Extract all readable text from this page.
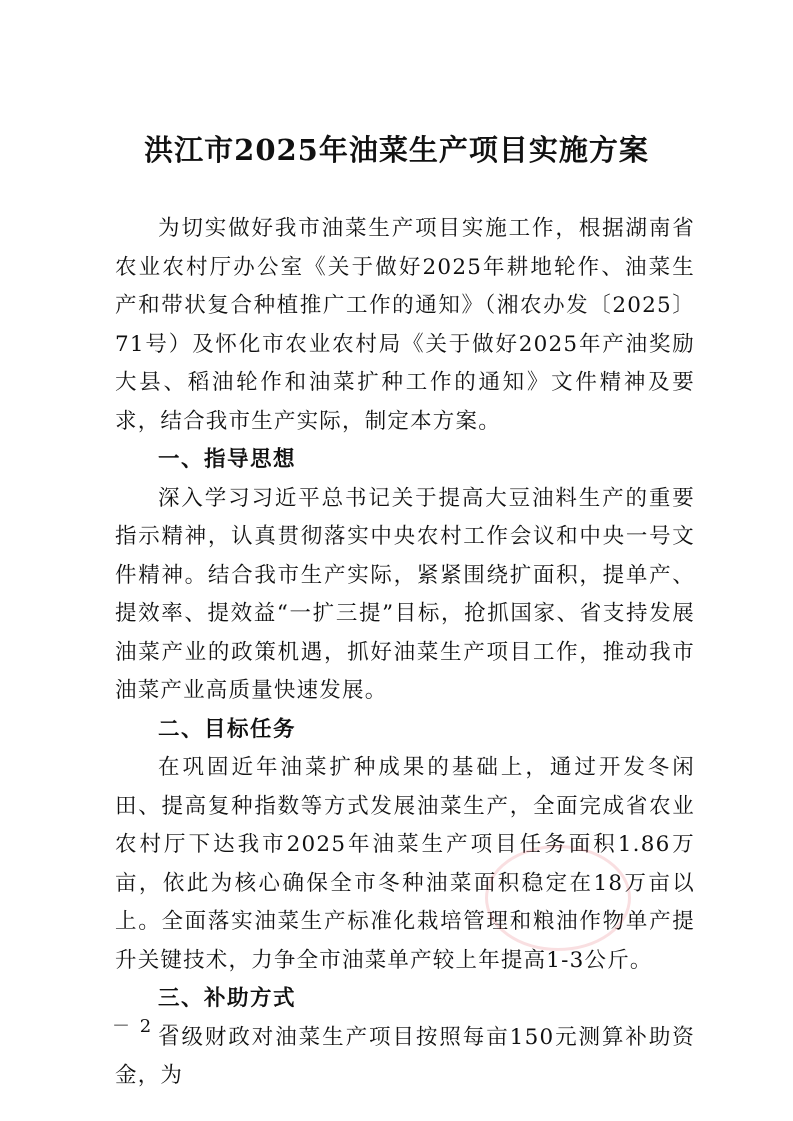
洪江市2025年油菜生产项目实施方案

为切实做好我市油菜生产项目实施工作，根据湖南省农业农村厅办公室《关于做好2025年耕地轮作、油菜生产和带状复合种植推广工作的通知》（湘农办发〔2025〕71号）及怀化市农业农村局《关于做好2025年产油奖励大县、稻油轮作和油菜扩种工作的通知》文件精神及要求，结合我市生产实际，制定本方案。

一、指导思想

深入学习习近平总书记关于提高大豆油料生产的重要指示精神，认真贯彻落实中央农村工作会议和中央一号文件精神。结合我市生产实际，紧紧围绕扩面积，提单产、提效率、提效益“一扩三提”目标，抢抓国家、省支持发展油菜产业的政策机遇，抓好油菜生产项目工作，推动我市油菜产业高质量快速发展。

二、目标任务

在巩固近年油菜扩种成果的基础上，通过开发冬闲田、提高复种指数等方式发展油菜生产，全面完成省农业农村厅下达我市2025年油菜生产项目任务面积1.86万亩，依此为核心确保全市冬种油菜面积稳定在18万亩以上。全面落实油菜生产标准化栽培管理和粮油作物单产提升关键技术，力争全市油菜单产较上年提高1-3公斤。

三、补助方式

省级财政对油菜生产项目按照每亩150元测算补助资金，为

－ 2 －
